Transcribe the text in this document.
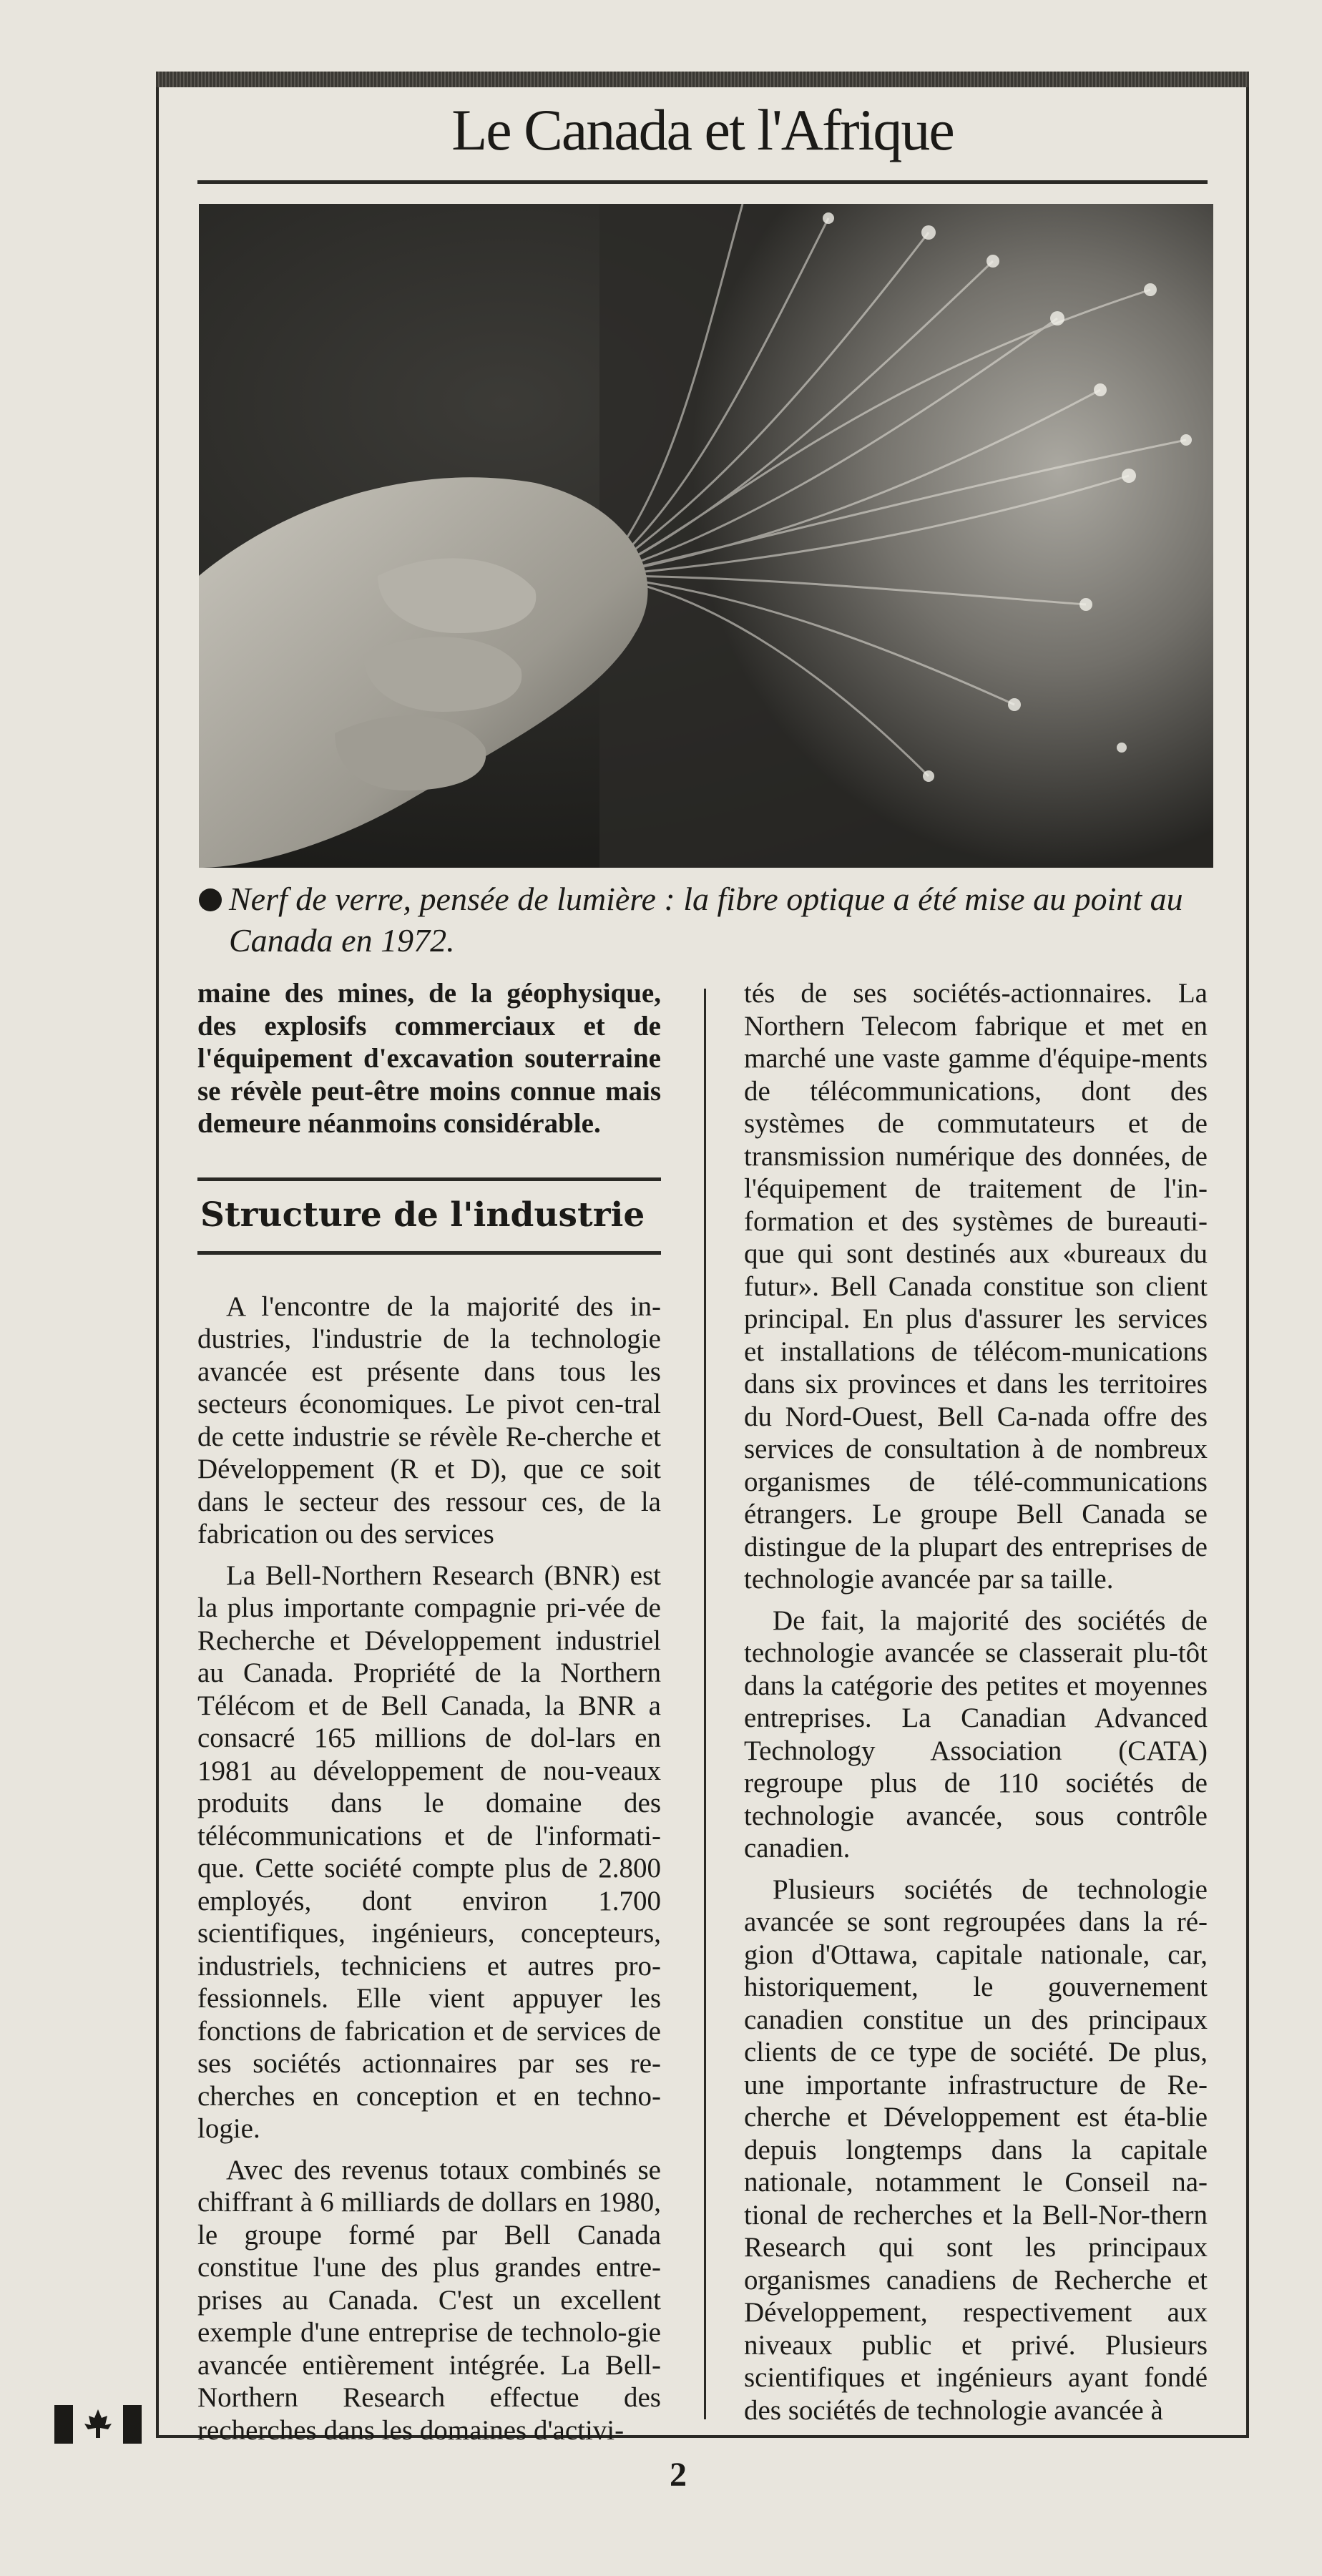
Le Canada et l'Afrique
Nerf de verre, pensée de lumière : la fibre optique a été mise au point au
Canada en 1972.

maine des mines, de la géophysique, des explosifs commerciaux et de l'équipement d'excavation souterraine se révèle peut-être moins connue mais demeure néanmoins considérable.

Structure de l'industrie

A l'encontre de la majorité des in-dustries, l'industrie de la technologie avancée est présente dans tous les secteurs économiques. Le pivot cen-tral de cette industrie se révèle Re-cherche et Développement (R et D), que ce soit dans le secteur des ressour ces, de la fabrication ou des services

La Bell-Northern Research (BNR) est la plus importante compagnie pri-vée de Recherche et Développement industriel au Canada. Propriété de la Northern Télécom et de Bell Canada, la BNR a consacré 165 millions de dol-lars en 1981 au développement de nou-veaux produits dans le domaine des télécommunications et de l'informati-que. Cette société compte plus de 2.800 employés, dont environ 1.700 scientifiques, ingénieurs, concepteurs, industriels, techniciens et autres pro-fessionnels. Elle vient appuyer les fonctions de fabrication et de services de ses sociétés actionnaires par ses re-cherches en conception et en techno-logie.

Avec des revenus totaux combinés se chiffrant à 6 milliards de dollars en 1980, le groupe formé par Bell Canada constitue l'une des plus grandes entre-prises au Canada. C'est un excellent exemple d'une entreprise de technolo-gie avancée entièrement intégrée. La Bell-Northern Research effectue des recherches dans les domaines d'activi-

tés de ses sociétés-actionnaires. La Northern Telecom fabrique et met en marché une vaste gamme d'équipe-ments de télécommunications, dont des systèmes de commutateurs et de transmission numérique des données, de l'équipement de traitement de l'in-formation et des systèmes de bureauti-que qui sont destinés aux «bureaux du futur». Bell Canada constitue son client principal. En plus d'assurer les services et installations de télécom-munications dans six provinces et dans les territoires du Nord-Ouest, Bell Ca-nada offre des services de consultation à de nombreux organismes de télé-communications étrangers. Le groupe Bell Canada se distingue de la plupart des entreprises de technologie avancée par sa taille.

De fait, la majorité des sociétés de technologie avancée se classerait plu-tôt dans la catégorie des petites et moyennes entreprises. La Canadian Advanced Technology Association (CATA) regroupe plus de 110 sociétés de technologie avancée, sous contrôle canadien.

Plusieurs sociétés de technologie avancée se sont regroupées dans la ré-gion d'Ottawa, capitale nationale, car, historiquement, le gouvernement canadien constitue un des principaux clients de ce type de société. De plus, une importante infrastructure de Re-cherche et Développement est éta-blie depuis longtemps dans la capitale nationale, notamment le Conseil na-tional de recherches et la Bell-Nor-thern Research qui sont les principaux organismes canadiens de Recherche et Développement, respectivement aux niveaux public et privé. Plusieurs scientifiques et ingénieurs ayant fondé des sociétés de technologie avancée à

2
